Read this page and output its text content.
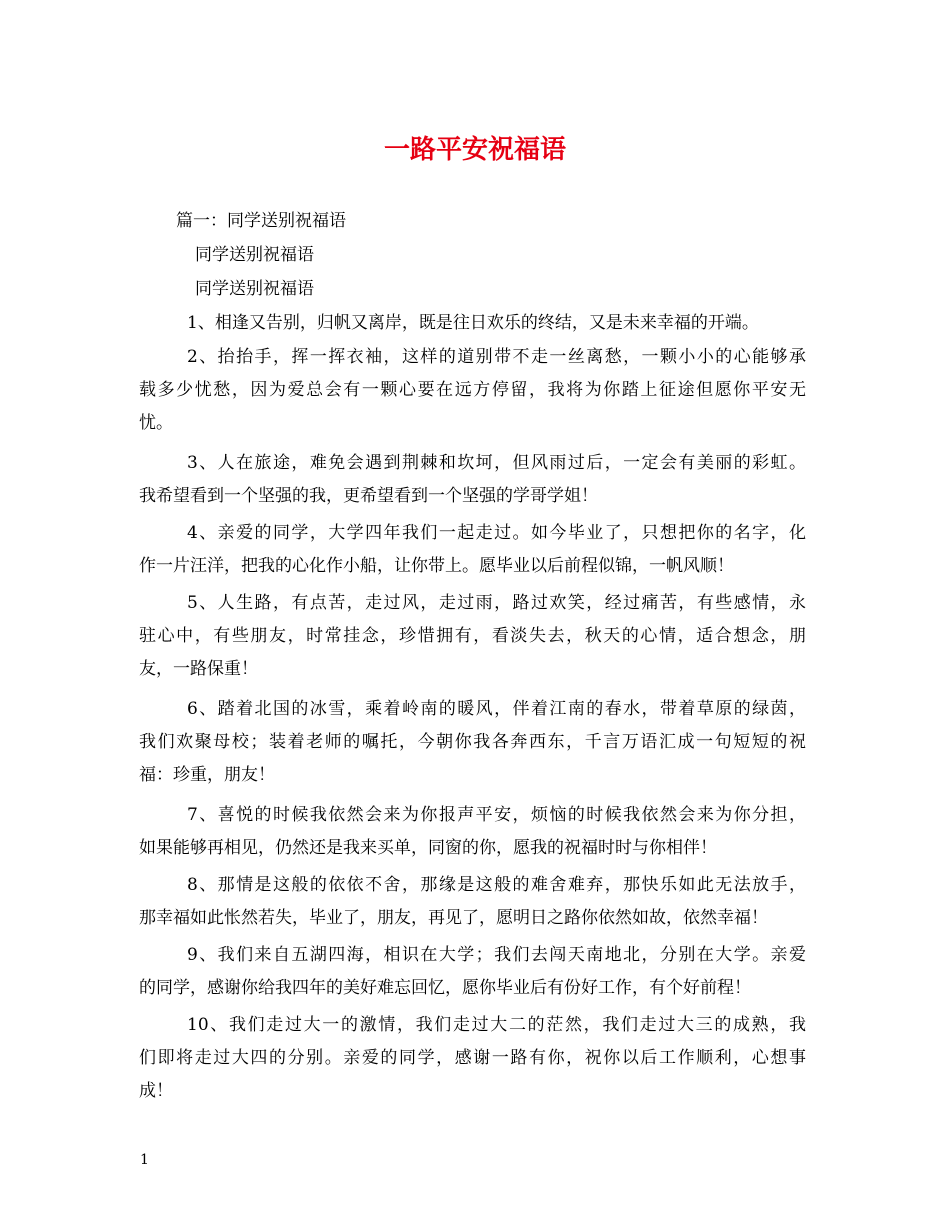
一路平安祝福语
篇一：同学送别祝福语
同学送别祝福语
同学送别祝福语
1、相逢又告别，归帆又离岸，既是往日欢乐的终结，又是未来幸福的开端。
2、抬抬手，挥一挥衣袖，这样的道别带不走一丝离愁，一颗小小的心能够承
载多少忧愁，因为爱总会有一颗心要在远方停留，我将为你踏上征途但愿你平安无
忧。
3、人在旅途，难免会遇到荆棘和坎坷，但风雨过后，一定会有美丽的彩虹。
我希望看到一个坚强的我，更希望看到一个坚强的学哥学姐！
4、亲爱的同学，大学四年我们一起走过。如今毕业了，只想把你的名字，化
作一片汪洋，把我的心化作小船，让你带上。愿毕业以后前程似锦，一帆风顺！
5、人生路，有点苦，走过风，走过雨，路过欢笑，经过痛苦，有些感情，永
驻心中，有些朋友，时常挂念，珍惜拥有，看淡失去，秋天的心情，适合想念，朋
友，一路保重！
6、踏着北国的冰雪，乘着岭南的暖风，伴着江南的春水，带着草原的绿茵，
我们欢聚母校；装着老师的嘱托，今朝你我各奔西东，千言万语汇成一句短短的祝
福：珍重，朋友！
7、喜悦的时候我依然会来为你报声平安，烦恼的时候我依然会来为你分担，
如果能够再相见，仍然还是我来买单，同窗的你，愿我的祝福时时与你相伴！
8、那情是这般的依依不舍，那缘是这般的难舍难弃，那快乐如此无法放手，
那幸福如此怅然若失，毕业了，朋友，再见了，愿明日之路你依然如故，依然幸福！
9、我们来自五湖四海，相识在大学；我们去闯天南地北，分别在大学。亲爱
的同学，感谢你给我四年的美好难忘回忆，愿你毕业后有份好工作，有个好前程！
10、我们走过大一的激情，我们走过大二的茫然，我们走过大三的成熟，我
们即将走过大四的分别。亲爱的同学，感谢一路有你，祝你以后工作顺利，心想事
成！
1
